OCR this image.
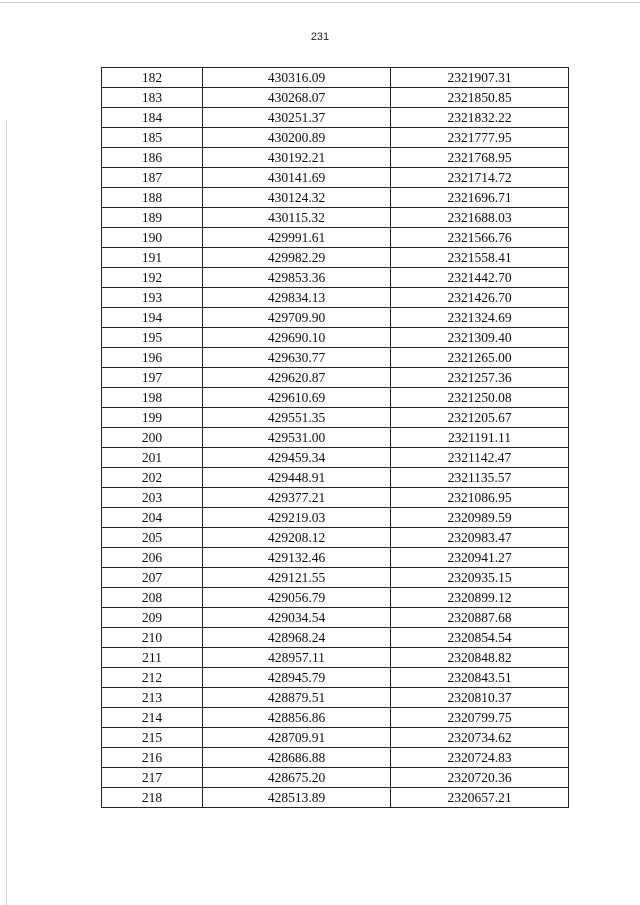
231
182	430316.09	2321907.31
183	430268.07	2321850.85
184	430251.37	2321832.22
185	430200.89	2321777.95
186	430192.21	2321768.95
187	430141.69	2321714.72
188	430124.32	2321696.71
189	430115.32	2321688.03
190	429991.61	2321566.76
191	429982.29	2321558.41
192	429853.36	2321442.70
193	429834.13	2321426.70
194	429709.90	2321324.69
195	429690.10	2321309.40
196	429630.77	2321265.00
197	429620.87	2321257.36
198	429610.69	2321250.08
199	429551.35	2321205.67
200	429531.00	2321191.11
201	429459.34	2321142.47
202	429448.91	2321135.57
203	429377.21	2321086.95
204	429219.03	2320989.59
205	429208.12	2320983.47
206	429132.46	2320941.27
207	429121.55	2320935.15
208	429056.79	2320899.12
209	429034.54	2320887.68
210	428968.24	2320854.54
211	428957.11	2320848.82
212	428945.79	2320843.51
213	428879.51	2320810.37
214	428856.86	2320799.75
215	428709.91	2320734.62
216	428686.88	2320724.83
217	428675.20	2320720.36
218	428513.89	2320657.21
